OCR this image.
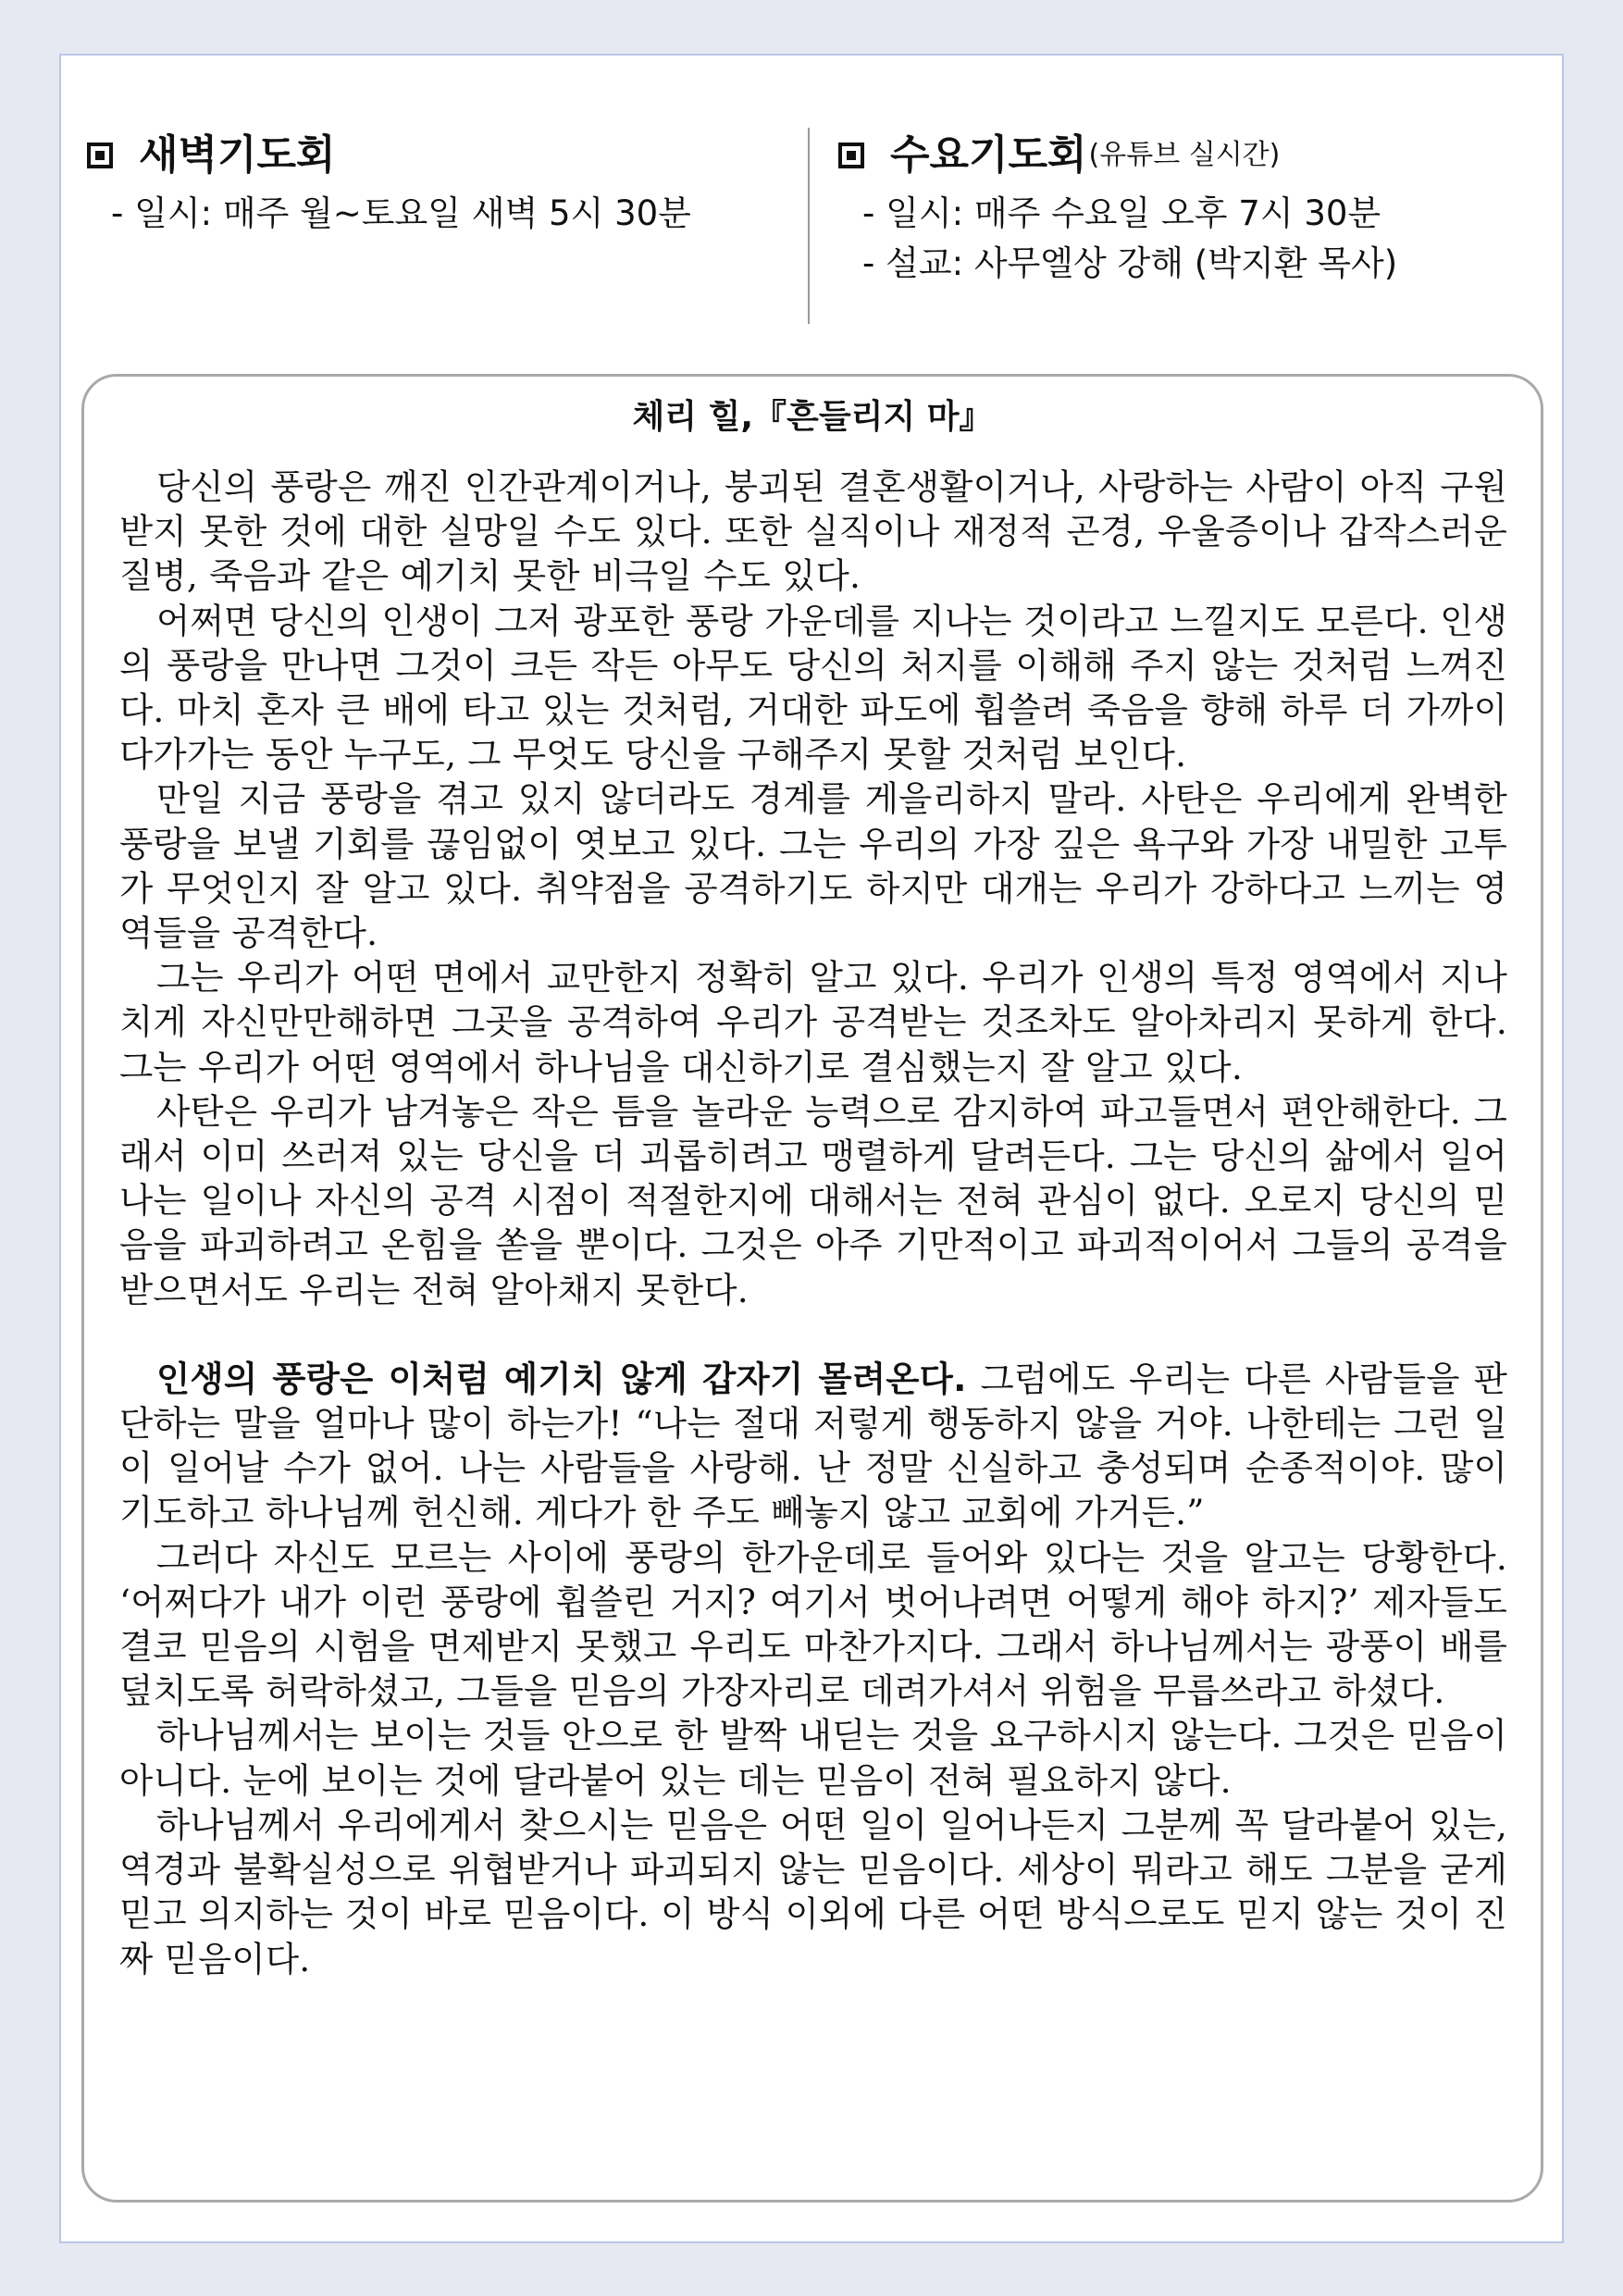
새벽기도회
- 일시: 매주 월~토요일 새벽 5시 30분
수요기도회 (유튜브 실시간)
- 일시: 매주 수요일 오후 7시 30분
- 설교: 사무엘상 강해 (박지환 목사)
체리 힐,『흔들리지 마』

당신의 풍랑은 깨진 인간관계이거나, 붕괴된 결혼생활이거나, 사랑하는 사람이 아직 구원받지 못한 것에 대한 실망일 수도 있다. 또한 실직이나 재정적 곤경, 우울증이나 갑작스러운 질병, 죽음과 같은 예기치 못한 비극일 수도 있다.

어쩌면 당신의 인생이 그저 광포한 풍랑 가운데를 지나는 것이라고 느낄지도 모른다. 인생의 풍랑을 만나면 그것이 크든 작든 아무도 당신의 처지를 이해해 주지 않는 것처럼 느껴진다. 마치 혼자 큰 배에 타고 있는 것처럼, 거대한 파도에 휩쓸려 죽음을 향해 하루 더 가까이 다가가는 동안 누구도, 그 무엇도 당신을 구해주지 못할 것처럼 보인다.

만일 지금 풍랑을 겪고 있지 않더라도 경계를 게을리하지 말라. 사탄은 우리에게 완벽한 풍랑을 보낼 기회를 끊임없이 엿보고 있다. 그는 우리의 가장 깊은 욕구와 가장 내밀한 고투가 무엇인지 잘 알고 있다. 취약점을 공격하기도 하지만 대개는 우리가 강하다고 느끼는 영역들을 공격한다.

그는 우리가 어떤 면에서 교만한지 정확히 알고 있다. 우리가 인생의 특정 영역에서 지나치게 자신만만해하면 그곳을 공격하여 우리가 공격받는 것조차도 알아차리지 못하게 한다. 그는 우리가 어떤 영역에서 하나님을 대신하기로 결심했는지 잘 알고 있다.

사탄은 우리가 남겨놓은 작은 틈을 놀라운 능력으로 감지하여 파고들면서 편안해한다. 그래서 이미 쓰러져 있는 당신을 더 괴롭히려고 맹렬하게 달려든다. 그는 당신의 삶에서 일어나는 일이나 자신의 공격 시점이 적절한지에 대해서는 전혀 관심이 없다. 오로지 당신의 믿음을 파괴하려고 온힘을 쏟을 뿐이다. 그것은 아주 기만적이고 파괴적이어서 그들의 공격을 받으면서도 우리는 전혀 알아채지 못한다.

인생의 풍랑은 이처럼 예기치 않게 갑자기 몰려온다. 그럼에도 우리는 다른 사람들을 판단하는 말을 얼마나 많이 하는가! “나는 절대 저렇게 행동하지 않을 거야. 나한테는 그런 일이 일어날 수가 없어. 나는 사람들을 사랑해. 난 정말 신실하고 충성되며 순종적이야. 많이 기도하고 하나님께 헌신해. 게다가 한 주도 빼놓지 않고 교회에 가거든.”

그러다 자신도 모르는 사이에 풍랑의 한가운데로 들어와 있다는 것을 알고는 당황한다. ‘어쩌다가 내가 이런 풍랑에 휩쓸린 거지? 여기서 벗어나려면 어떻게 해야 하지?’ 제자들도 결코 믿음의 시험을 면제받지 못했고 우리도 마찬가지다. 그래서 하나님께서는 광풍이 배를 덮치도록 허락하셨고, 그들을 믿음의 가장자리로 데려가셔서 위험을 무릅쓰라고 하셨다.

하나님께서는 보이는 것들 안으로 한 발짝 내딛는 것을 요구하시지 않는다. 그것은 믿음이 아니다. 눈에 보이는 것에 달라붙어 있는 데는 믿음이 전혀 필요하지 않다.

하나님께서 우리에게서 찾으시는 믿음은 어떤 일이 일어나든지 그분께 꼭 달라붙어 있는, 역경과 불확실성으로 위협받거나 파괴되지 않는 믿음이다. 세상이 뭐라고 해도 그분을 굳게 믿고 의지하는 것이 바로 믿음이다. 이 방식 이외에 다른 어떤 방식으로도 믿지 않는 것이 진짜 믿음이다.
